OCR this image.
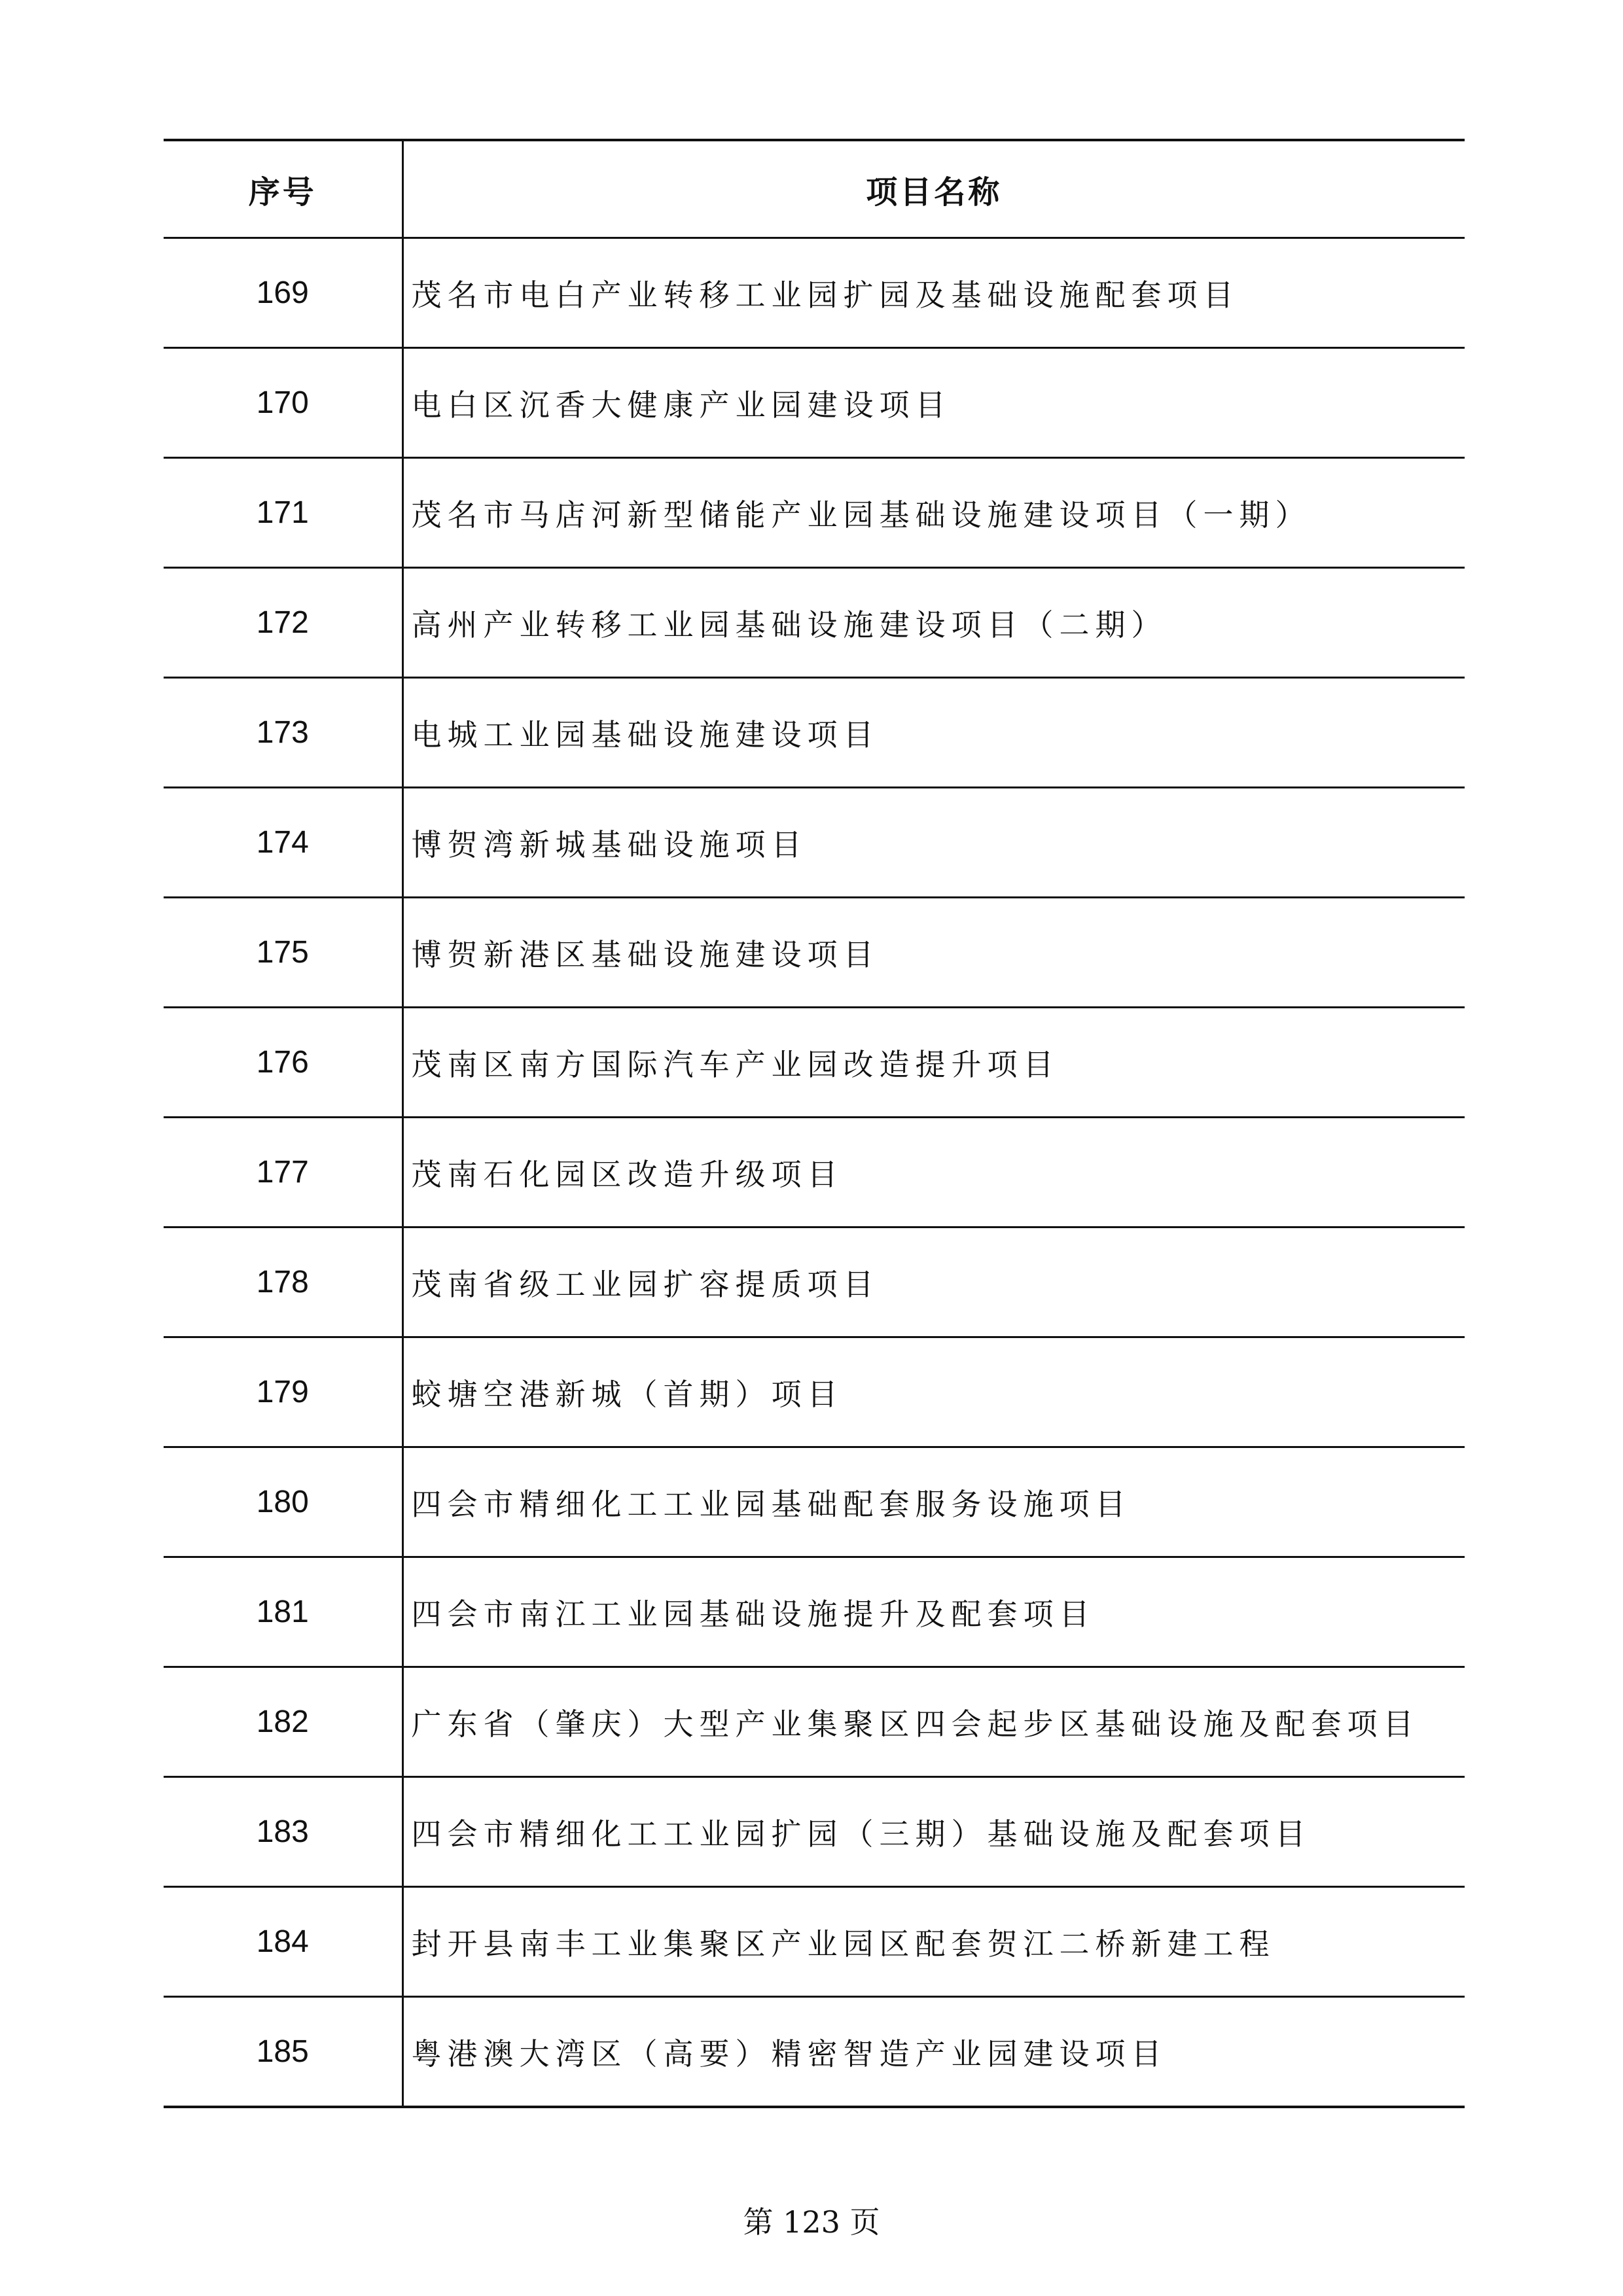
序号	项目名称
169	茂名市电白产业转移工业园扩园及基础设施配套项目
170	电白区沉香大健康产业园建设项目
171	茂名市马店河新型储能产业园基础设施建设项目（一期）
172	高州产业转移工业园基础设施建设项目（二期）
173	电城工业园基础设施建设项目
174	博贺湾新城基础设施项目
175	博贺新港区基础设施建设项目
176	茂南区南方国际汽车产业园改造提升项目
177	茂南石化园区改造升级项目
178	茂南省级工业园扩容提质项目
179	蛟塘空港新城（首期）项目
180	四会市精细化工工业园基础配套服务设施项目
181	四会市南江工业园基础设施提升及配套项目
182	广东省（肇庆）大型产业集聚区四会起步区基础设施及配套项目
183	四会市精细化工工业园扩园（三期）基础设施及配套项目
184	封开县南丰工业集聚区产业园区配套贺江二桥新建工程
185	粤港澳大湾区（高要）精密智造产业园建设项目
第 123 页
